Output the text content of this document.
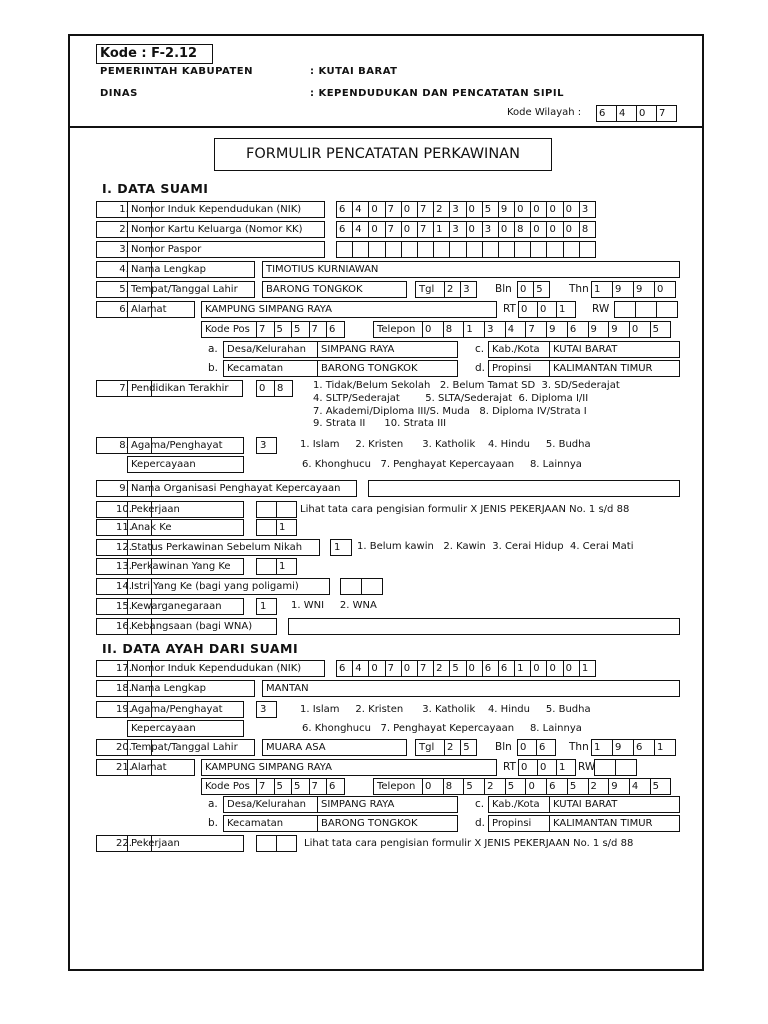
Kode : F-2.12
PEMERINTAH KABUPATEN	: KUTAI BARAT
DINAS	: KEPENDUDUKAN DAN PENCATATAN SIPIL
Kode Wilayah :	6	4	0	7
FORMULIR PENCATATAN PERKAWINAN
I. DATA SUAMI
1. Nomor Induk Kependudukan (NIK)	6 4 0 7 0 7 2 3 0 5 9 0 0 0 0 3
2. Nomor Kartu Keluarga (Nomor KK)	6 4 0 7 0 7 1 3 0 3 0 8 0 0 0 8
3. Nomor Paspor
4. Nama Lengkap	TIMOTIUS KURNIAWAN
5. Tempat/Tanggal Lahir	BARONG TONGKOK	Tgl	2 3	Bln 0 5	Thn 1	9	9	0
6. Alamat	KAMPUNG SIMPANG RAYA	RT 0	0	1	RW
Kode Pos 7	5	5	7	6	Telepon 0	8	1	3	4	7	9	6	9	9	0	5
a. Desa/Kelurahan	SIMPANG RAYA	c. Kab./Kota	KUTAI BARAT
b. Kecamatan	BARONG TONGKOK	d. Propinsi	KALIMANTAN TIMUR
7. Pendidikan Terakhir	0	8	1. Tidak/Belum Sekolah   2. Belum Tamat SD  3. SD/Sederajat
4. SLTP/Sederajat        5. SLTA/Sederajat  6. Diploma I/II
7. Akademi/Diploma III/S. Muda   8. Diploma IV/Strata I
9. Strata II      10. Strata III
8. Agama/Penghayat	3	1. Islam     2. Kristen      3. Katholik    4. Hindu     5. Budha
Kepercayaan	6. Khonghucu   7. Penghayat Kepercayaan     8. Lainnya
9. Nama Organisasi Penghayat Kepercayaan
10. Pekerjaan	Lihat tata cara pengisian formulir X JENIS PEKERJAAN No. 1 s/d 88
11. Anak Ke	1
12. Status Perkawinan Sebelum Nikah	1	1. Belum kawin   2. Kawin  3. Cerai Hidup  4. Cerai Mati
13. Perkawinan Yang Ke	1
14. Istri Yang Ke (bagi yang poligami)
15. Kewarganegaraan	1	1. WNI     2. WNA
16. Kebangsaan (bagi WNA)
II. DATA AYAH DARI SUAMI
17. Nomor Induk Kependudukan (NIK)	6 4 0 7 0 7 2 5 0 6 6 1 0 0 0 1
18. Nama Lengkap	MANTAN
19. Agama/Penghayat	3	1. Islam     2. Kristen      3. Katholik    4. Hindu     5. Budha
Kepercayaan	6. Khonghucu   7. Penghayat Kepercayaan     8. Lainnya
20. Tempat/Tanggal Lahir	MUARA ASA	Tgl	2 5	Bln 0	6	Thn 1	9	6	1
21. Alamat	KAMPUNG SIMPANG RAYA	RT 0	0	1	RW
Kode Pos 7	5	5	7	6	Telepon 0	8	5	2	5	0	6	5	2	9	4	5
a. Desa/Kelurahan	SIMPANG RAYA	c. Kab./Kota	KUTAI BARAT
b. Kecamatan	BARONG TONGKOK	d. Propinsi	KALIMANTAN TIMUR
22. Pekerjaan	Lihat tata cara pengisian formulir X JENIS PEKERJAAN No. 1 s/d 88
